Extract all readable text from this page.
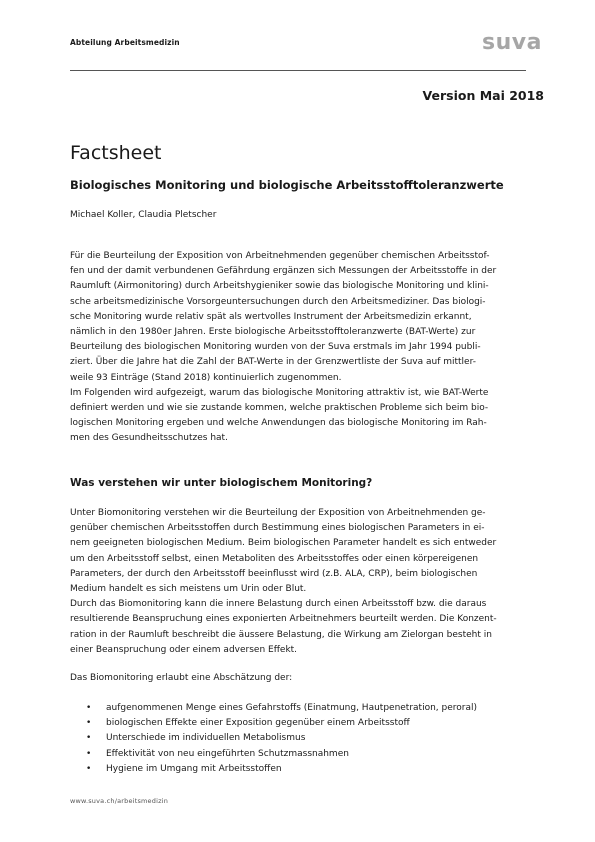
Abteilung Arbeitsmedizin	suva
Version Mai 2018
Factsheet
Biologisches Monitoring und biologische Arbeitsstofftoleranzwerte
Michael Koller, Claudia Pletscher
Für die Beurteilung der Exposition von Arbeitnehmenden gegenüber chemischen Arbeitsstof-
fen und der damit verbundenen Gefährdung ergänzen sich Messungen der Arbeitsstoffe in der
Raumluft (Airmonitoring) durch Arbeitshygieniker sowie das biologische Monitoring und klini-
sche arbeitsmedizinische Vorsorgeuntersuchungen durch den Arbeitsmediziner. Das biologi-
sche Monitoring wurde relativ spät als wertvolles Instrument der Arbeitsmedizin erkannt,
nämlich in den 1980er Jahren. Erste biologische Arbeitsstofftoleranzwerte (BAT-Werte) zur
Beurteilung des biologischen Monitoring wurden von der Suva erstmals im Jahr 1994 publi-
ziert. Über die Jahre hat die Zahl der BAT-Werte in der Grenzwertliste der Suva auf mittler-
weile 93 Einträge (Stand 2018) kontinuierlich zugenommen.
Im Folgenden wird aufgezeigt, warum das biologische Monitoring attraktiv ist, wie BAT-Werte
definiert werden und wie sie zustande kommen, welche praktischen Probleme sich beim bio-
logischen Monitoring ergeben und welche Anwendungen das biologische Monitoring im Rah-
men des Gesundheitsschutzes hat.
Was verstehen wir unter biologischem Monitoring?
Unter Biomonitoring verstehen wir die Beurteilung der Exposition von Arbeitnehmenden ge-
genüber chemischen Arbeitsstoffen durch Bestimmung eines biologischen Parameters in ei-
nem geeigneten biologischen Medium. Beim biologischen Parameter handelt es sich entweder
um den Arbeitsstoff selbst, einen Metaboliten des Arbeitsstoffes oder einen körpereigenen
Parameters, der durch den Arbeitsstoff beeinflusst wird (z.B. ALA, CRP), beim biologischen
Medium handelt es sich meistens um Urin oder Blut.
Durch das Biomonitoring kann die innere Belastung durch einen Arbeitsstoff bzw. die daraus
resultierende Beanspruchung eines exponierten Arbeitnehmers beurteilt werden. Die Konzent-
ration in der Raumluft beschreibt die äussere Belastung, die Wirkung am Zielorgan besteht in
einer Beanspruchung oder einem adversen Effekt.
Das Biomonitoring erlaubt eine Abschätzung der:
• aufgenommenen Menge eines Gefahrstoffs (Einatmung, Hautpenetration, peroral)
• biologischen Effekte einer Exposition gegenüber einem Arbeitsstoff
• Unterschiede im individuellen Metabolismus
• Effektivität von neu eingeführten Schutzmassnahmen
• Hygiene im Umgang mit Arbeitsstoffen
www.suva.ch/arbeitsmedizin
